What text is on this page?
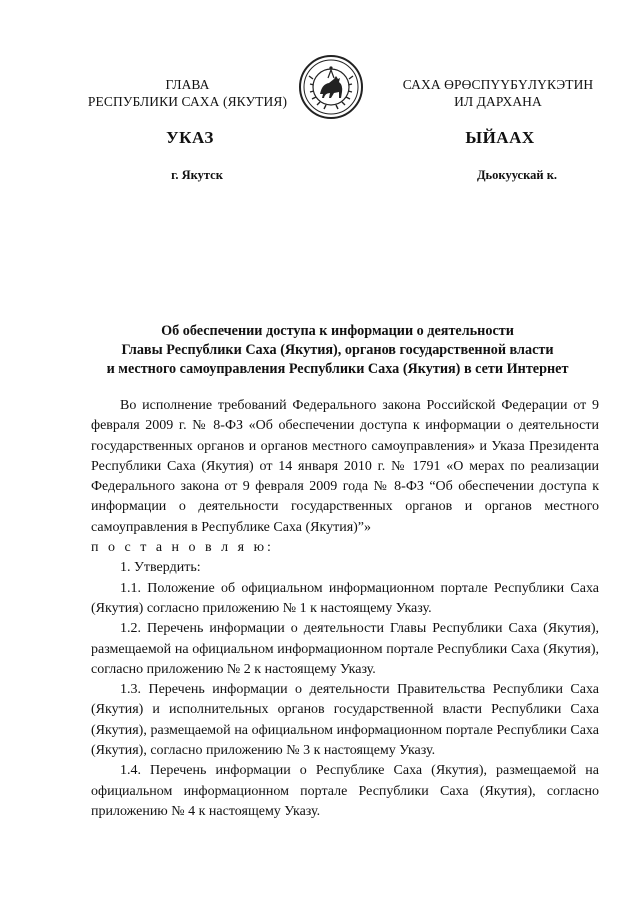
ГЛАВА
РЕСПУБЛИКИ САХА (ЯКУТИЯ)
САХА ӨРӨСПҮҮБҮЛҮКЭТИН
ИЛ ДАРХАНА
УКАЗ	ЫЙААХ
г. Якутск	Дьокуускай к.
Об обеспечении доступа к информации о деятельности
Главы Республики Саха (Якутия), органов государственной власти
и местного самоуправления Республики Саха (Якутия) в сети Интернет

Во исполнение требований Федерального закона Российской Федерации от 9 февраля 2009 г. № 8-ФЗ «Об обеспечении доступа к информации о деятельности государственных органов и органов местного самоуправления» и Указа Президента Республики Саха (Якутия) от 14 января 2010 г. № 1791 «О мерах по реализации Федерального закона от 9 февраля 2009 года № 8-ФЗ “Об обеспечении доступа к информации о деятельности государственных органов и органов местного самоуправления в Республике Саха (Якутия)”»

п о с т а н о в л я ю:

1. Утвердить:

1.1. Положение об официальном информационном портале Республики Саха (Якутия) согласно приложению № 1 к настоящему Указу.

1.2. Перечень информации о деятельности Главы Республики Саха (Якутия), размещаемой на официальном информационном портале Республики Саха (Якутия), согласно приложению № 2 к настоящему Указу.

1.3. Перечень информации о деятельности Правительства Республики Саха (Якутия) и исполнительных органов государственной власти Республики Саха (Якутия), размещаемой на официальном информационном портале Республики Саха (Якутия), согласно приложению № 3 к настоящему Указу.

1.4. Перечень информации о Республике Саха (Якутия), размещаемой на официальном информационном портале Республики Саха (Якутия), согласно приложению № 4 к настоящему Указу.
